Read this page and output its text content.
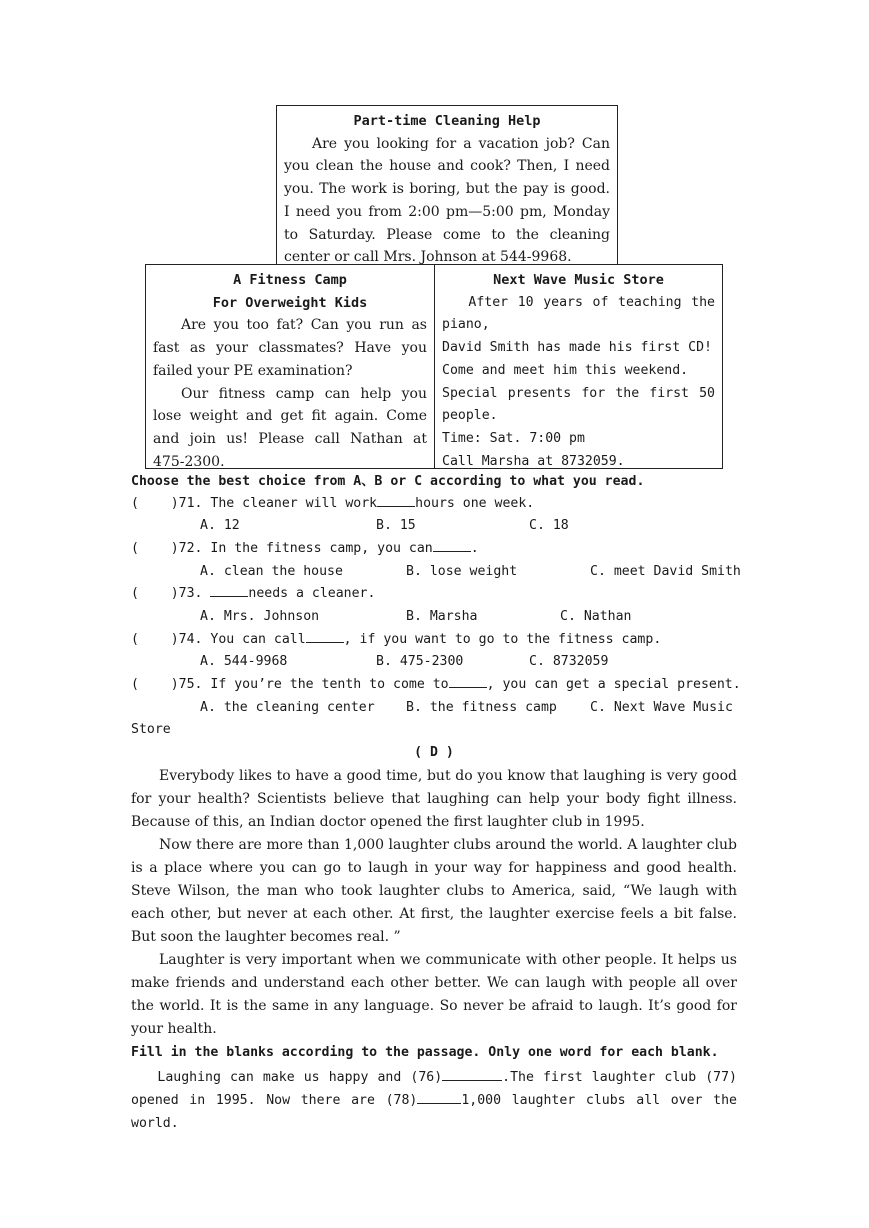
Part-time Cleaning Help

Are you looking for a vacation job? Can you clean the house and cook? Then, I need you. The work is boring, but the pay is good. I need you from 2:00 pm—5:00 pm, Monday to Saturday. Please come to the cleaning center or call Mrs. Johnson at 544-9968.

A Fitness Camp
For Overweight Kids

Are you too fat? Can you run as fast as your classmates? Have you failed your PE examination?

Our fitness camp can help you lose weight and get fit again. Come and join us! Please call Nathan at 475-2300.

Next Wave Music Store

After 10 years of teaching the piano,

David Smith has made his first CD!

Come and meet him this weekend.

Special presents for the first 50 people.

Time: Sat. 7:00 pm

Call Marsha at 8732059.

Choose the best choice from A、B or C according to what you read.
(    )71. The cleaner will work	hours one week.
A. 12	B. 15	C. 18
(    )72. In the fitness camp, you can	.
A. clean the house	B. lose weight	C. meet David Smith
(    )73.	needs a cleaner.
A. Mrs. Johnson	B. Marsha	C. Nathan
(    )74. You can call	, if you want to go to the fitness camp.
A. 544-9968	B. 475-2300	C. 8732059
(    )75. If you’re the tenth to come to	, you can get a special present.
A. the cleaning center B. the fitness camp	C. Next Wave Music
Store
( D )

Everybody likes to have a good time, but do you know that laughing is very good for your health? Scientists believe that laughing can help your body fight illness. Because of this, an Indian doctor opened the first laughter club in 1995.

Now there are more than 1,000 laughter clubs around the world. A laughter club is a place where you can go to laugh in your way for happiness and good health. Steve Wilson, the man who took laughter clubs to America, said, “We laugh with each other, but never at each other. At first, the laughter exercise feels a bit false. But soon the laughter becomes real. ”

Laughter is very important when we communicate with other people. It helps us make friends and understand each other better. We can laugh with people all over the world. It is the same in any language. So never be afraid to laugh. It’s good for your health.

Fill in the blanks according to the passage. Only one word for each blank.

Laughing can make us happy and (76)	.The first laughter club (77) opened in 1995. Now there are (78)	1,000 laughter clubs all over the world.
